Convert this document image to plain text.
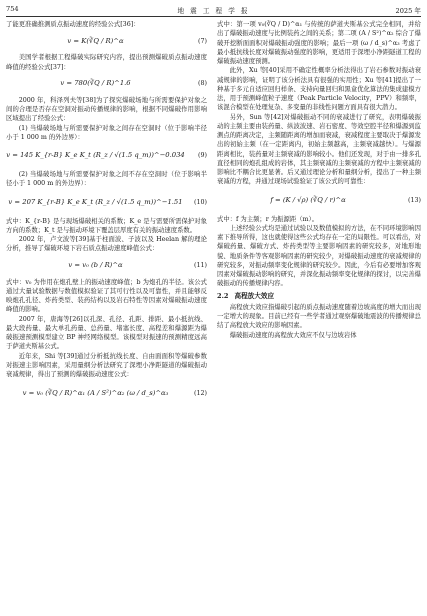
754	地 震 工 程 学 报	2025 年

了能更准确推测质点振动速度的经验公式[36]：

v = K(∛Q / R)^α	(7)

美国学者根据工程爆破实际研究内容，提出预测爆破质点振动速度峰值的经验公式[37]：

v = 780(∛Q / R)^1.6	(8)

2000 年，科泽列夫等[38]为了探究爆破场地与所需要保护对象之间的合理是否存在空洞对振动传播规律的影响，根据不同爆破作用影响区域提出了经验公式：

(1) 当爆破场地与所需要保护对象之间存在空洞时（位于影响半径小于 1 000 m 的外边界）：

v = 145 K_{r-B} K_e K_t (R_z / √(1.5 q_m))^−0.034	(9)

(2) 当爆破场地与所需要保护对象之间不存在空洞时（位于影响半径小于 1 000 m 的外边界）：

v = 207 K_{r-B} K_e K_t (R_z / √(1.5 q_m))^−1.51	(10)

式中：K_{r-B} 是与现场爆破相关的系数；K_e 是与需要所需保护对象方向的系数；K_t 是与振动环境下覆盖层厚度有关的振动速度系数。

2002 年，卢文波等[39]基于柱面波、子波以及 Heelan 解的理论分析，推导了爆破环境下岩石质点振动速度峰值公式：

v = v₀ (b / R)^α	(11)

式中：v₀ 为作用在炮孔壁上的振动速度峰值；b 为炮孔的半径。该公式通过大量试验数据与数值模拟验证了其可行性以及可靠性，并且能够反映炮孔孔径、炸药类型、装药结构以及岩石特性等因素对爆破振动速度峰值的影响。

2007 年，唐海等[26]以孔深、孔径、孔距、排距、最小抵抗线、最大段药量、最大单孔药量、总药量、堵塞长度、高程差和爆源距为爆破振速预测模型建立 BP 神经网络模型。该模型对振速的预测精度远高于萨道夫斯基公式。

近年来，Shi 等[39]通过分析抵抗线长度、自由面面积等爆破参数对振速主影响因素，采用量纲分析法研究了深埋小净距隧道的爆破振动衰减规律，得出了预测的爆破振动速度公式：

v = v₀ (∛Q / R)^α₁ (A / S²)^α₂ (ω / d_s)^α₃	(12)

式中：第一项 v₀(∛Q / D)^α₁ 与传统的萨道夫斯基公式完全相同，并给出了爆破振动速度与比例装药之间的关系；第二项 (A / S²)^α₂ 综合了爆破开挖断面面积对爆破振动强度的影响；最后一项 (ω / d_s)^α₃ 考虑了最小抵抗线长度对爆破振动强度的影响，更适用于深埋小净距隧道工程的爆破振动速度预测。

此外，Xu 等[40]采用不确定性概率分析法得出了岩石参数对振动衰减规律的影响，证明了该分析法具有很强的实用性；Xu 等[41]提出了一种基于多元自适应回归样条、支持向量回归和黑盒优化算法的集成建模方法，用于预测峰值粒子速度（Peak Particle Velocity，PPV）和频率，该混合模型在处理复杂、多变量的非线性问题方面具有很大潜力。

另外，Sun 等[42]对爆破振动不同的衰减进行了研究，表明爆破振动的主频主要由装药量、纵波波速、岩石密度、等效空腔半径和爆源到监测点的距离决定，主频随距离的增加而衰减，衰减程度主要取决于爆源发出的初始主频（在一定距离内，初始主频越高，主频衰减越快）。与爆源距离相比，装药量对主频衰减的影响较小。他们还发现，对于由一排多孔直径相同的炮孔组成的岩体，其主频衰减的主频衰减的方程中主频衰减的影响比不耦合比更显著。后又通过理论分析和量纲分析，提出了一种主频衰减的方程，并通过现场试验验证了该公式的可靠性：

f = (K / √ρ) (∛Q / r)^α	(13)

式中：f 为主频；r 为振源距（m）。

上述经验公式均是通过试验以及数值模拟的方法，在不同环境影响因素下推导所得，这也就使得这些公式均存在一定的局限性。可以看出，对爆破药量、爆破方式、炸药类型等主要影响因素的研究较多，对地形地貌、地质条件等客观影响因素的研究较少，对爆破振动速度的衰减规律的研究较多，对振动频率变化规律的研究较少。因此，今后有必要增加客观因素对爆破振动影响的研究，并深化振动频率变化规律的探讨，以完善爆破振动的传播规律内容。

2.2 高程放大效应

高程放大效应指爆破引起的质点振动速度随着边坡高度的增大而出现一定增大的现象。目前已经有一些学者通过观察爆破地震波的传播规律总结了高程放大效应的影响因素。

爆破振动速度的高程放大效应不仅与边坡岩体
